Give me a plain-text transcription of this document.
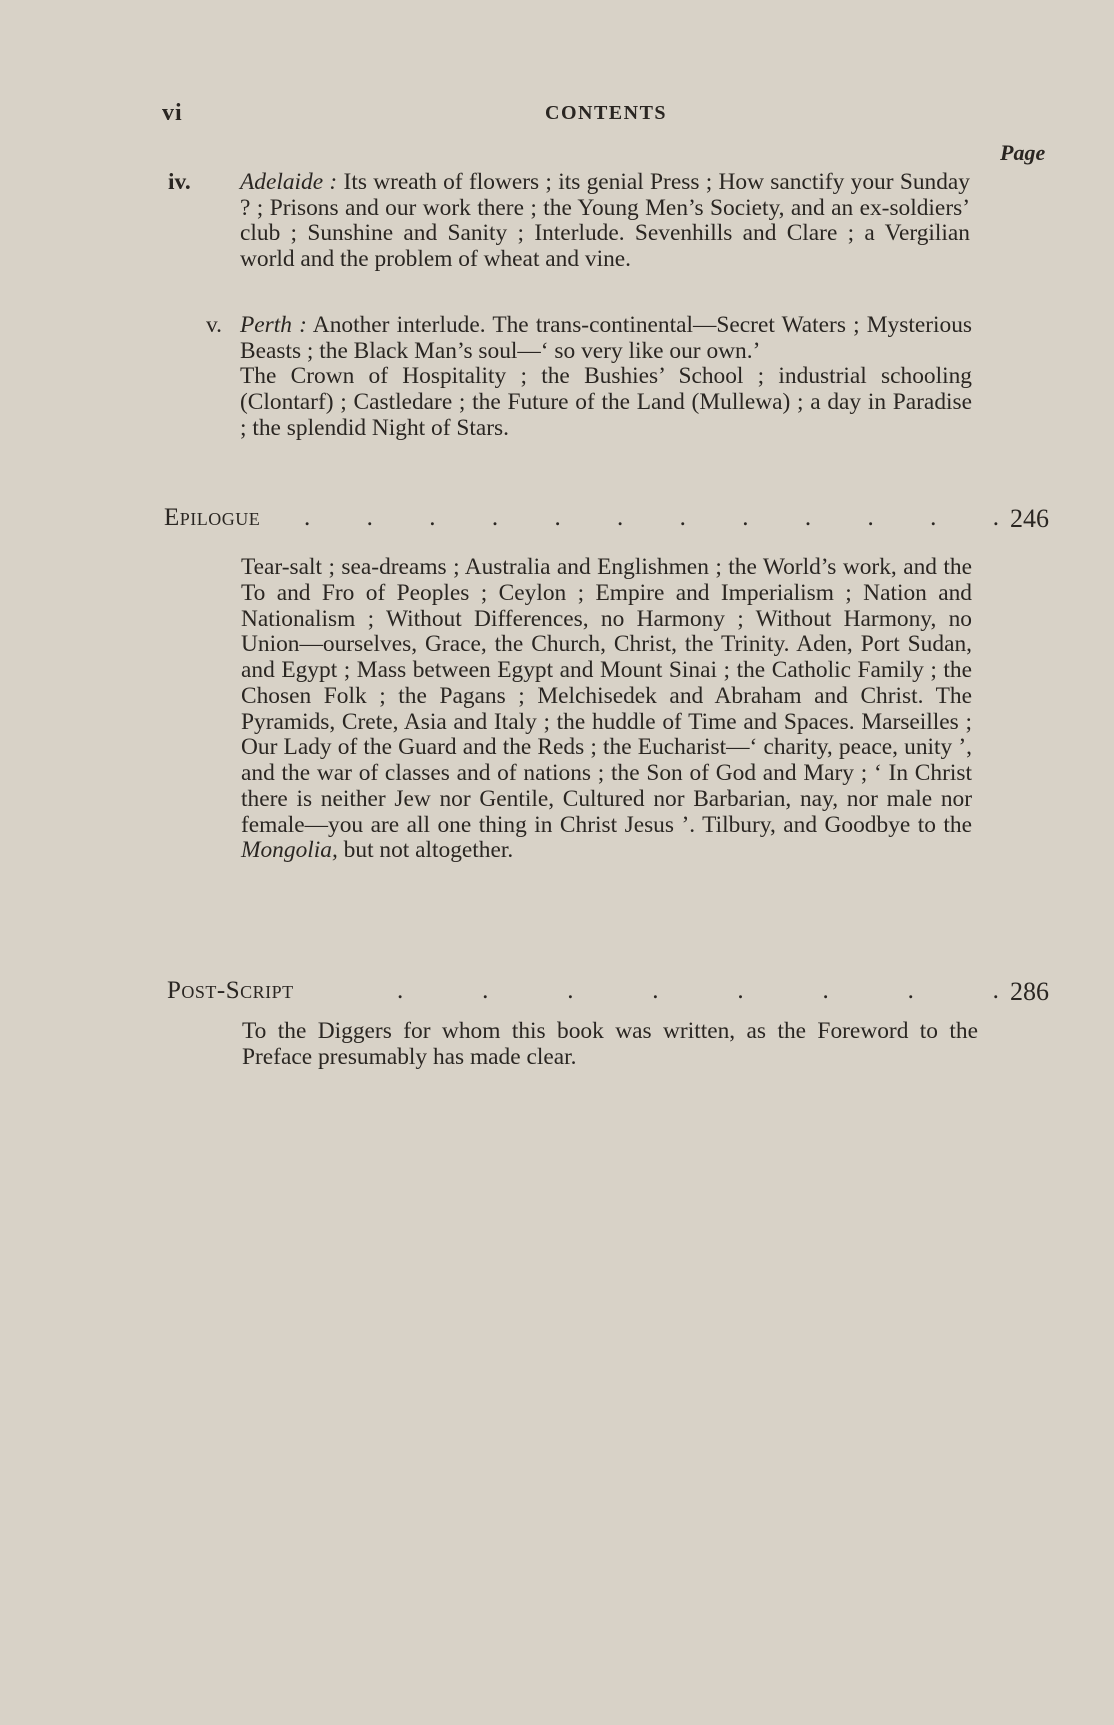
vi	CONTENTS
Page
iv.	Adelaide : Its wreath of flowers ; its genial Press ; How sanctify your Sunday ? ; Prisons and our work there ; the Young Men’s Society, and an ex-soldiers’ club ; Sunshine and Sanity ; Interlude. Sevenhills and Clare ; a Vergilian world and the problem of wheat and vine.

v. Perth : Another interlude. The trans-continental—Secret Waters ; Mysterious Beasts ; the Black Man’s soul—‘ so very like our own.’

The Crown of Hospitality ; the Bushies’ School ; industrial schooling (Clontarf) ; Castledare ; the Future of the Land (Mullewa) ; a day in Paradise ; the splendid Night of Stars.

Epilogue . . . . . . . . . . . . 246
Tear-salt ; sea-dreams ; Australia and Englishmen ; the World’s work, and the To and Fro of Peoples ; Ceylon ; Empire and Imperialism ; Nation and Nationalism ; Without Differences, no Harmony ; Without Harmony, no Union—ourselves, Grace, the Church, Christ, the Trinity. Aden, Port Sudan, and Egypt ; Mass between Egypt and Mount Sinai ; the Catholic Family ; the Chosen Folk ; the Pagans ; Melchisedek and Abraham and Christ. The Pyramids, Crete, Asia and Italy ; the huddle of Time and Spaces. Marseilles ; Our Lady of the Guard and the Reds ; the Eucharist—‘ charity, peace, unity ’, and the war of classes and of nations ; the Son of God and Mary ; ‘ In Christ there is neither Jew nor Gentile, Cultured nor Barbarian, nay, nor male nor female—you are all one thing in Christ Jesus ’. Tilbury, and Goodbye to the Mongolia, but not altogether.
Post-Script	.	.	.	.	.	.	.	. 286
To the Diggers for whom this book was written, as the Foreword to the Preface presumably has made clear.
